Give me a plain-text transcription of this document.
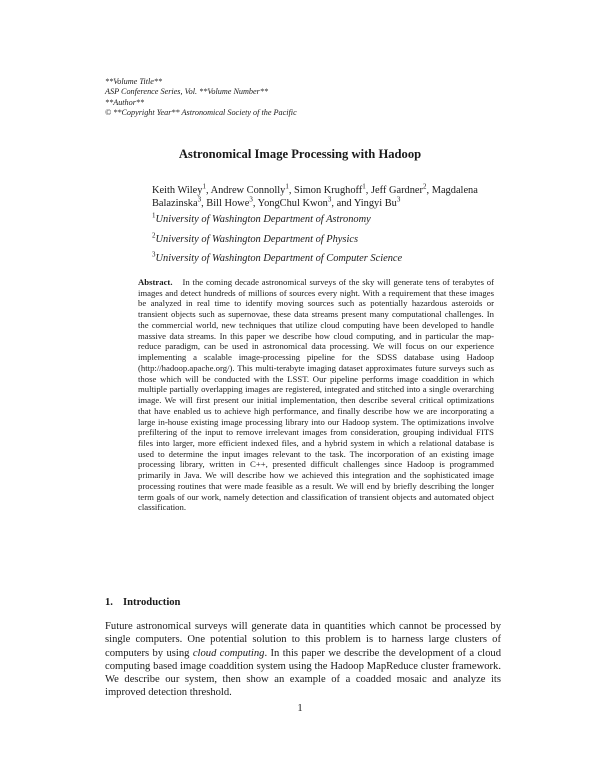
**Volume Title**
ASP Conference Series, Vol. **Volume Number**
**Author**
© **Copyright Year** Astronomical Society of the Pacific
Astronomical Image Processing with Hadoop
Keith Wiley$^1$, Andrew Connolly$^1$, Simon Krughoff$^1$, Jeff Gardner$^2$, Magdalena Balazinska$^3$, Bill Howe$^3$, YongChul Kwon$^3$, and Yingyi Bu$^3$
$^1$University of Washington Department of Astronomy
$^2$University of Washington Department of Physics
$^3$University of Washington Department of Computer Science
Abstract. In the coming decade astronomical surveys of the sky will generate tens of terabytes of images and detect hundreds of millions of sources every night. With a requirement that these images be analyzed in real time to identify moving sources such as potentially hazardous asteroids or transient objects such as supernovae, these data streams present many computational challenges. In the commercial world, new techniques that utilize cloud computing have been developed to handle massive data streams. In this paper we describe how cloud computing, and in particular the map-reduce paradigm, can be used in astronomical data processing. We will focus on our experience implementing a scalable image-processing pipeline for the SDSS database using Hadoop (http://hadoop.apache.org/). This multi-terabyte imaging dataset approximates future surveys such as those which will be conducted with the LSST. Our pipeline performs image coaddition in which multiple partially overlapping images are registered, integrated and stitched into a single overarching image. We will first present our initial implementation, then describe several critical optimizations that have enabled us to achieve high performance, and finally describe how we are incorporating a large in-house existing image processing library into our Hadoop system. The optimizations involve prefiltering of the input to remove irrelevant images from consideration, grouping individual FITS files into larger, more efficient indexed files, and a hybrid system in which a relational database is used to determine the input images relevant to the task. The incorporation of an existing image processing library, written in C++, presented difficult challenges since Hadoop is programmed primarily in Java. We will describe how we achieved this integration and the sophisticated image processing routines that were made feasible as a result. We will end by briefly describing the longer term goals of our work, namely detection and classification of transient objects and automated object classification.
1. Introduction
Future astronomical surveys will generate data in quantities which cannot be processed by single computers. One potential solution to this problem is to harness large clusters of computers by using cloud computing. In this paper we describe the development of a cloud computing based image coaddition system using the Hadoop MapReduce cluster framework. We describe our system, then show an example of a coadded mosaic and analyze its improved detection threshold.
1
